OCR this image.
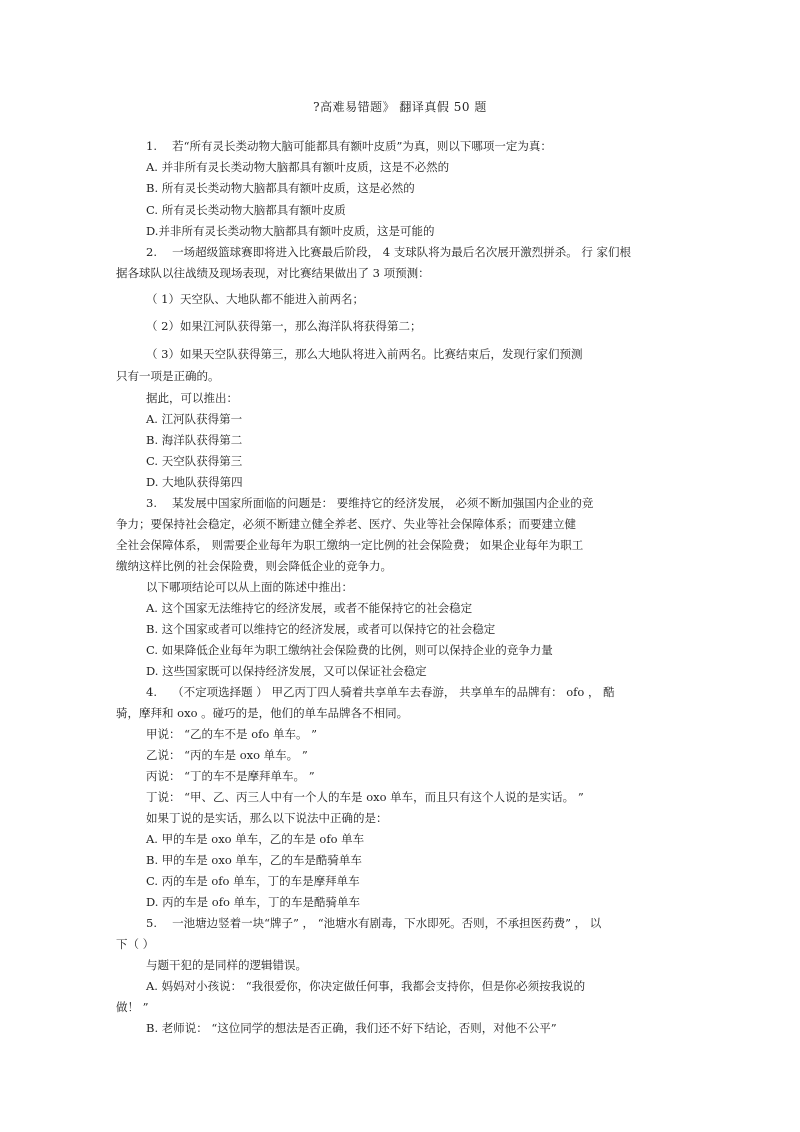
?高难易错题》 翻译真假 50 题
1.　 若“所有灵长类动物大脑可能都具有额叶皮质”为真，则以下哪项一定为真：
A. 并非所有灵长类动物大脑都具有额叶皮质，这是不必然的
B. 所有灵长类动物大脑都具有额叶皮质，这是必然的
C. 所有灵长类动物大脑都具有额叶皮质
D.并非所有灵长类动物大脑都具有额叶皮质，这是可能的
2.　 一场超级篮球赛即将进入比赛最后阶段， 4 支球队将为最后名次展开激烈拼杀。 行 家们根
据各球队以往战绩及现场表现，对比赛结果做出了 3 项预测：
（ 1）天空队、大地队都不能进入前两名；
（ 2）如果江河队获得第一，那么海洋队将获得第二；
（ 3）如果天空队获得第三，那么大地队将进入前两名。比赛结束后，发现行家们预测
只有一项是正确的。
据此，可以推出：
A. 江河队获得第一
B. 海洋队获得第二
C. 天空队获得第三
D. 大地队获得第四
3.　 某发展中国家所面临的问题是： 要维持它的经济发展， 必须不断加强国内企业的竞
争力；要保持社会稳定，必须不断建立健全养老、医疗、失业等社会保障体系；而要建立健
全社会保障体系， 则需要企业每年为职工缴纳一定比例的社会保险费； 如果企业每年为职工
缴纳这样比例的社会保险费，则会降低企业的竞争力。
以下哪项结论可以从上面的陈述中推出：
A. 这个国家无法维持它的经济发展，或者不能保持它的社会稳定
B. 这个国家或者可以维持它的经济发展，或者可以保持它的社会稳定
C. 如果降低企业每年为职工缴纳社会保险费的比例，则可以保持企业的竞争力量
D. 这些国家既可以保持经济发展，又可以保证社会稳定
4.　 （不定项选择题 ） 甲乙丙丁四人骑着共享单车去春游， 共享单车的品牌有： ofo ， 酷
骑，摩拜和 oxo 。碰巧的是，他们的单车品牌各不相同。
甲说： “乙的车不是 ofo 单车。 ”
乙说： “丙的车是 oxo 单车。 ”
丙说： “丁的车不是摩拜单车。 ”
丁说： “甲、乙、丙三人中有一个人的车是 oxo 单车，而且只有这个人说的是实话。 ”
如果丁说的是实话，那么以下说法中正确的是：
A. 甲的车是 oxo 单车，乙的车是 ofo 单车
B. 甲的车是 oxo 单车，乙的车是酷骑单车
C. 丙的车是 ofo 单车，丁的车是摩拜单车
D. 丙的车是 ofo 单车，丁的车是酷骑单车
5.　 一池塘边竖着一块“牌子” ， “池塘水有剧毒，下水即死。否则，不承担医药费” ， 以
下（ ）
与题干犯的是同样的逻辑错误。
A. 妈妈对小孩说： “我很爱你，你决定做任何事，我都会支持你，但是你必须按我说的
做！ ”
B. 老师说： “这位同学的想法是否正确，我们还不好下结论，否则，对他不公平”
